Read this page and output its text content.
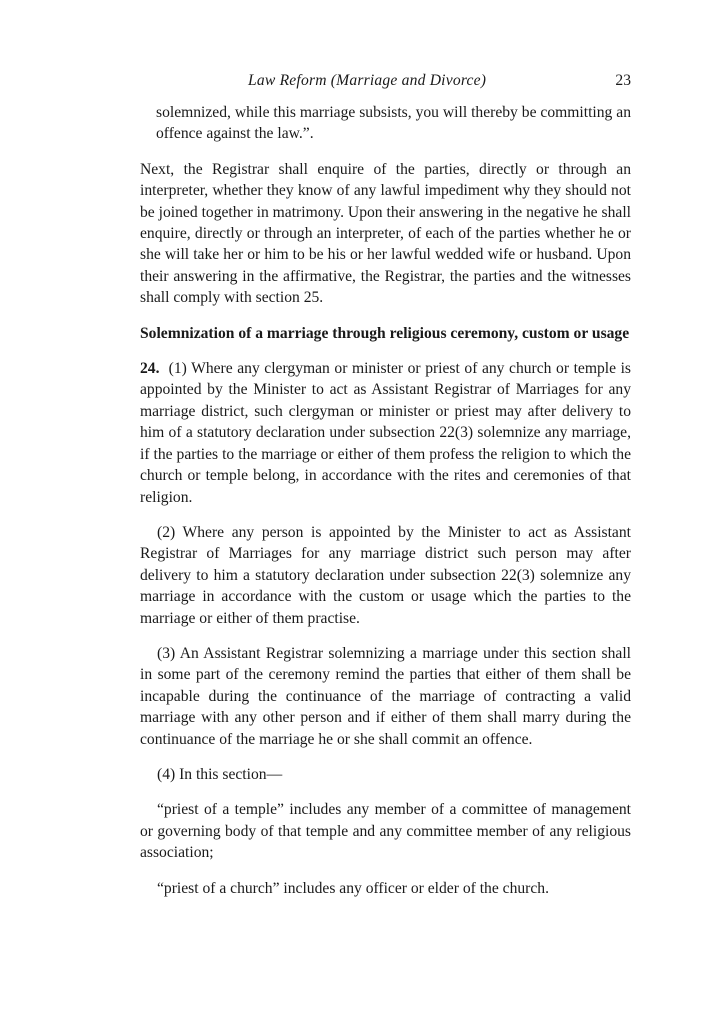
Law Reform (Marriage and Divorce)	23

solemnized, while this marriage subsists, you will thereby be committing an offence against the law.”.

Next, the Registrar shall enquire of the parties, directly or through an interpreter, whether they know of any lawful impediment why they should not be joined together in matrimony. Upon their answering in the negative he shall enquire, directly or through an interpreter, of each of the parties whether he or she will take her or him to be his or her lawful wedded wife or husband. Upon their answering in the affirmative, the Registrar, the parties and the witnesses shall comply with section 25.

Solemnization of a marriage through religious ceremony, custom or usage

24. (1) Where any clergyman or minister or priest of any church or temple is appointed by the Minister to act as Assistant Registrar of Marriages for any marriage district, such clergyman or minister or priest may after delivery to him of a statutory declaration under subsection 22(3) solemnize any marriage, if the parties to the marriage or either of them profess the religion to which the church or temple belong, in accordance with the rites and ceremonies of that religion.

(2) Where any person is appointed by the Minister to act as Assistant Registrar of Marriages for any marriage district such person may after delivery to him a statutory declaration under subsection 22(3) solemnize any marriage in accordance with the custom or usage which the parties to the marriage or either of them practise.

(3) An Assistant Registrar solemnizing a marriage under this section shall in some part of the ceremony remind the parties that either of them shall be incapable during the continuance of the marriage of contracting a valid marriage with any other person and if either of them shall marry during the continuance of the marriage he or she shall commit an offence.

(4) In this section—

“priest of a temple” includes any member of a committee of management or governing body of that temple and any committee member of any religious association;

“priest of a church” includes any officer or elder of the church.
